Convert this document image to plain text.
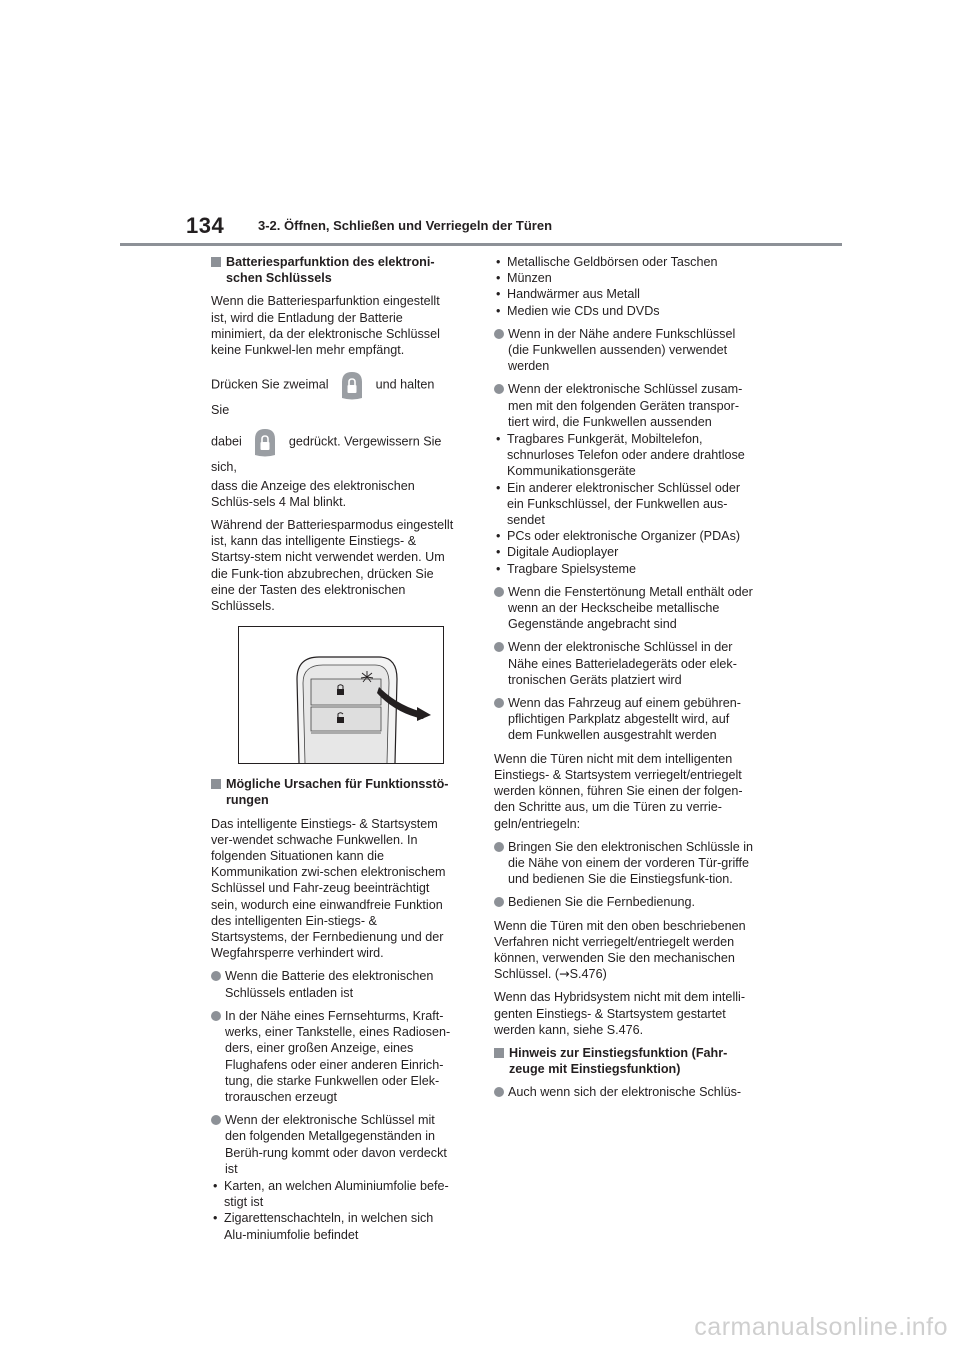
134	3-2. Öffnen, Schließen und Verriegeln der Türen
Batteriesparfunktion des elektroni-schen Schlüssels

Wenn die Batteriesparfunktion eingestellt ist, wird die Entladung der Batterie minimiert, da der elektronische Schlüssel keine Funkwel-len mehr empfängt.

Drücken Sie zweimal	und halten Sie

dabei	gedrückt. Vergewissern Sie sich,

dass die Anzeige des elektronischen Schlüs-sels 4 Mal blinkt.

Während der Batteriesparmodus eingestellt ist, kann das intelligente Einstiegs- & Startsy-stem nicht verwendet werden. Um die Funk-tion abzubrechen, drücken Sie eine der Tasten des elektronischen Schlüssels.

Mögliche Ursachen für Funktionsstö-rungen

Das intelligente Einstiegs- & Startsystem ver-wendet schwache Funkwellen. In folgenden Situationen kann die Kommunikation zwi-schen elektronischem Schlüssel und Fahr-zeug beeinträchtigt sein, wodurch eine einwandfreie Funktion des intelligenten Ein-stiegs- & Startsystems, der Fernbedienung und der Wegfahrsperre verhindert wird.

Wenn die Batterie des elektronischen Schlüssels entladen ist
In der Nähe eines Fernsehturms, Kraft-werks, einer Tankstelle, eines Radiosen-ders, einer großen Anzeige, eines Flughafens oder einer anderen Einrich-tung, die starke Funkwellen oder Elek-trorauschen erzeugt
Wenn der elektronische Schlüssel mit den folgenden Metallgegenständen in Berüh-rung kommt oder davon verdeckt ist
• Karten, an welchen Aluminiumfolie befe-stigt ist
• Zigarettenschachteln, in welchen sich Alu-miniumfolie befindet
• Metallische Geldbörsen oder Taschen
• Münzen
• Handwärmer aus Metall
• Medien wie CDs und DVDs
Wenn in der Nähe andere Funkschlüssel (die Funkwellen aussenden) verwendet werden
Wenn der elektronische Schlüssel zusam-men mit den folgenden Geräten transpor-tiert wird, die Funkwellen aussenden
• Tragbares Funkgerät, Mobiltelefon, schnurloses Telefon oder andere drahtlose Kommunikationsgeräte
• Ein anderer elektronischer Schlüssel oder ein Funkschlüssel, der Funkwellen aus-sendet
• PCs oder elektronische Organizer (PDAs)
• Digitale Audioplayer
• Tragbare Spielsysteme
Wenn die Fenstertönung Metall enthält oder wenn an der Heckscheibe metallische Gegenstände angebracht sind
Wenn der elektronische Schlüssel in der Nähe eines Batterieladegeräts oder elek-tronischen Geräts platziert wird
Wenn das Fahrzeug auf einem gebühren-pflichtigen Parkplatz abgestellt wird, auf dem Funkwellen ausgestrahlt werden

Wenn die Türen nicht mit dem intelligenten Einstiegs- & Startsystem verriegelt/entriegelt werden können, führen Sie einen der folgen-den Schritte aus, um die Türen zu verrie-geln/entriegeln:

Bringen Sie den elektronischen Schlüssle in die Nähe von einem der vorderen Tür-griffe und bedienen Sie die Einstiegsfunk-tion.
Bedienen Sie die Fernbedienung.

Wenn die Türen mit den oben beschriebenen Verfahren nicht verriegelt/entriegelt werden können, verwenden Sie den mechanischen Schlüssel. (→S.476)

Wenn das Hybridsystem nicht mit dem intelli-genten Einstiegs- & Startsystem gestartet werden kann, siehe S.476.

Hinweis zur Einstiegsfunktion (Fahr-zeuge mit Einstiegsfunktion)
Auch wenn sich der elektronische Schlüs-
carmanualsonline.info
